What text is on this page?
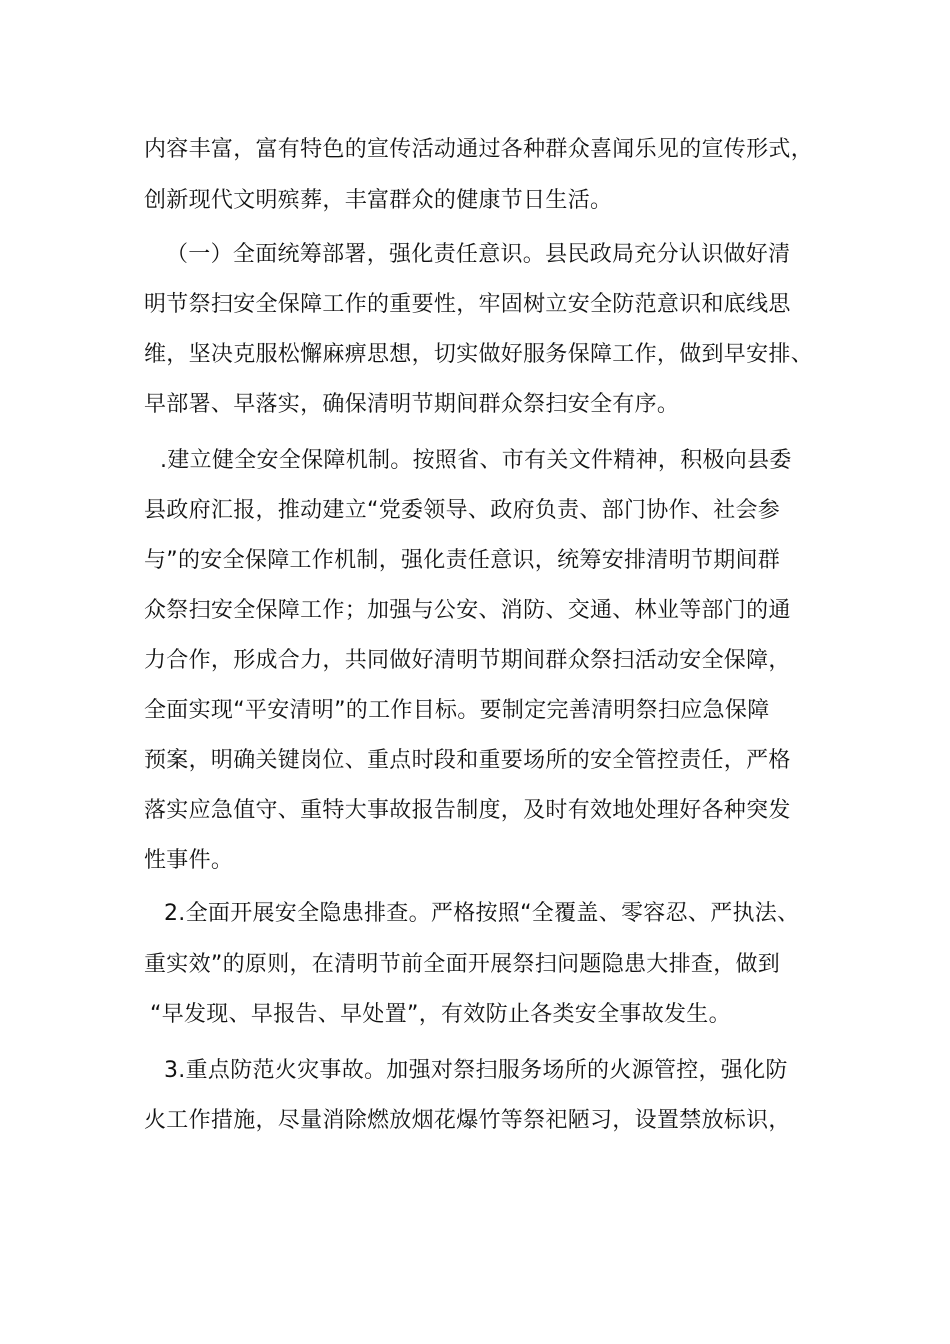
内容丰富，富有特色的宣传活动通过各种群众喜闻乐见的宣传形式，
创新现代文明殡葬，丰富群众的健康节日生活。
（一）全面统筹部署，强化责任意识。县民政局充分认识做好清
明节祭扫安全保障工作的重要性，牢固树立安全防范意识和底线思
维，坚决克服松懈麻痹思想，切实做好服务保障工作，做到早安排、
早部署、早落实，确保清明节期间群众祭扫安全有序。
.建立健全安全保障机制。按照省、市有关文件精神，积极向县委
县政府汇报，推动建立“党委领导、政府负责、部门协作、社会参
与”的安全保障工作机制，强化责任意识，统筹安排清明节期间群
众祭扫安全保障工作；加强与公安、消防、交通、林业等部门的通
力合作，形成合力，共同做好清明节期间群众祭扫活动安全保障，
全面实现“平安清明”的工作目标。要制定完善清明祭扫应急保障
预案，明确关键岗位、重点时段和重要场所的安全管控责任，严格
落实应急值守、重特大事故报告制度，及时有效地处理好各种突发
性事件。
2.全面开展安全隐患排查。严格按照“全覆盖、零容忍、严执法、
重实效”的原则，在清明节前全面开展祭扫问题隐患大排查，做到
“早发现、早报告、早处置”，有效防止各类安全事故发生。
3.重点防范火灾事故。加强对祭扫服务场所的火源管控，强化防
火工作措施，尽量消除燃放烟花爆竹等祭祀陋习，设置禁放标识，
